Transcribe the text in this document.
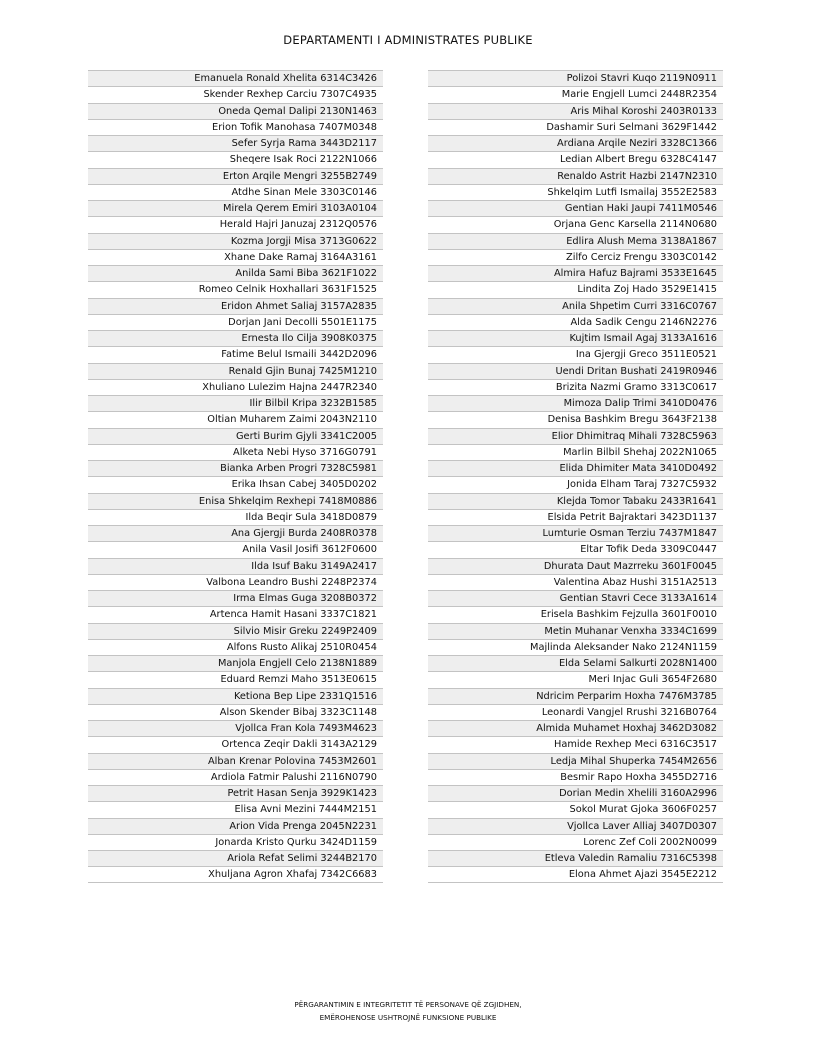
DEPARTAMENTI I ADMINISTRATES PUBLIKE
Emanuela Ronald Xhelita 6314C3426
Skender Rexhep Carciu 7307C4935
Oneda Qemal Dalipi 2130N1463
Erion Tofik Manohasa 7407M0348
Sefer Syrja Rama 3443D2117
Sheqere Isak Roci 2122N1066
Erton Arqile Mengri 3255B2749
Atdhe Sinan Mele 3303C0146
Mirela Qerem Emiri 3103A0104
Herald Hajri Januzaj 2312Q0576
Kozma Jorgji Misa 3713G0622
Xhane Dake Ramaj 3164A3161
Anilda Sami Biba 3621F1022
Romeo Celnik Hoxhallari 3631F1525
Eridon Ahmet Saliaj 3157A2835
Dorjan Jani Decolli 5501E1175
Ernesta Ilo Cilja 3908K0375
Fatime Belul Ismaili 3442D2096
Renald Gjin Bunaj 7425M1210
Xhuliano Lulezim Hajna 2447R2340
Ilir Bilbil Kripa 3232B1585
Oltian Muharem Zaimi 2043N2110
Gerti Burim Gjyli 3341C2005
Alketa Nebi Hyso 3716G0791
Bianka Arben Progri 7328C5981
Erika Ihsan Cabej 3405D0202
Enisa Shkelqim Rexhepi 7418M0886
Ilda Beqir Sula 3418D0879
Ana Gjergji Burda 2408R0378
Anila Vasil Josifi 3612F0600
Ilda Isuf Baku 3149A2417
Valbona Leandro Bushi 2248P2374
Irma Elmas Guga 3208B0372
Artenca Hamit Hasani 3337C1821
Silvio Misir Greku 2249P2409
Alfons Rusto Alikaj 2510R0454
Manjola Engjell Celo 2138N1889
Eduard Remzi Maho 3513E0615
Ketiona Bep Lipe 2331Q1516
Alson Skender Bibaj 3323C1148
Vjollca Fran Kola 7493M4623
Ortenca Zeqir Dakli 3143A2129
Alban Krenar Polovina 7453M2601
Ardiola Fatmir Palushi 2116N0790
Petrit Hasan Senja 3929K1423
Elisa Avni Mezini 7444M2151
Arion Vida Prenga 2045N2231
Jonarda Kristo Qurku 3424D1159
Ariola Refat Selimi 3244B2170
Xhuljana Agron Xhafaj 7342C6683
Polizoi Stavri Kuqo 2119N0911
Marie Engjell Lumci 2448R2354
Aris Mihal Koroshi 2403R0133
Dashamir Suri Selmani 3629F1442
Ardiana Arqile Neziri 3328C1366
Ledian Albert Bregu 6328C4147
Renaldo Astrit Hazbi 2147N2310
Shkelqim Lutfi Ismailaj 3552E2583
Gentian Haki Jaupi 7411M0546
Orjana Genc Karsella 2114N0680
Edlira Alush Mema 3138A1867
Zilfo Cerciz Frengu 3303C0142
Almira Hafuz Bajrami 3533E1645
Lindita Zoj Hado 3529E1415
Anila Shpetim Curri 3316C0767
Alda Sadik Cengu 2146N2276
Kujtim Ismail Agaj 3133A1616
Ina Gjergji Greco 3511E0521
Uendi Dritan Bushati 2419R0946
Brizita Nazmi Gramo 3313C0617
Mimoza Dalip Trimi 3410D0476
Denisa Bashkim Bregu 3643F2138
Elior Dhimitraq Mihali 7328C5963
Marlin Bilbil Shehaj 2022N1065
Elida Dhimiter Mata 3410D0492
Jonida Elham Taraj 7327C5932
Klejda Tomor Tabaku 2433R1641
Elsida Petrit Bajraktari 3423D1137
Lumturie Osman Terziu 7437M1847
Eltar Tofik Deda 3309C0447
Dhurata Daut Mazrreku 3601F0045
Valentina Abaz Hushi 3151A2513
Gentian Stavri Cece 3133A1614
Erisela Bashkim Fejzulla 3601F0010
Metin Muhanar Venxha 3334C1699
Majlinda Aleksander Nako 2124N1159
Elda Selami Salkurti 2028N1400
Meri Injac Guli 3654F2680
Ndricim Perparim Hoxha 7476M3785
Leonardi Vangjel Rrushi 3216B0764
Almida Muhamet Hoxhaj 3462D3082
Hamide Rexhep Meci 6316C3517
Ledja Mihal Shuperka 7454M2656
Besmir Rapo Hoxha 3455D2716
Dorian Medin Xhelili 3160A2996
Sokol Murat Gjoka 3606F0257
Vjollca Laver Alliaj 3407D0307
Lorenc Zef Coli 2002N0099
Etleva Valedin Ramaliu 7316C5398
Elona Ahmet Ajazi 3545E2212
PËRGARANTIMIN E INTEGRITETIT TË PERSONAVE QË ZGJIDHEN,
EMËROHENOSE USHTROJNË FUNKSIONE PUBLIKE
